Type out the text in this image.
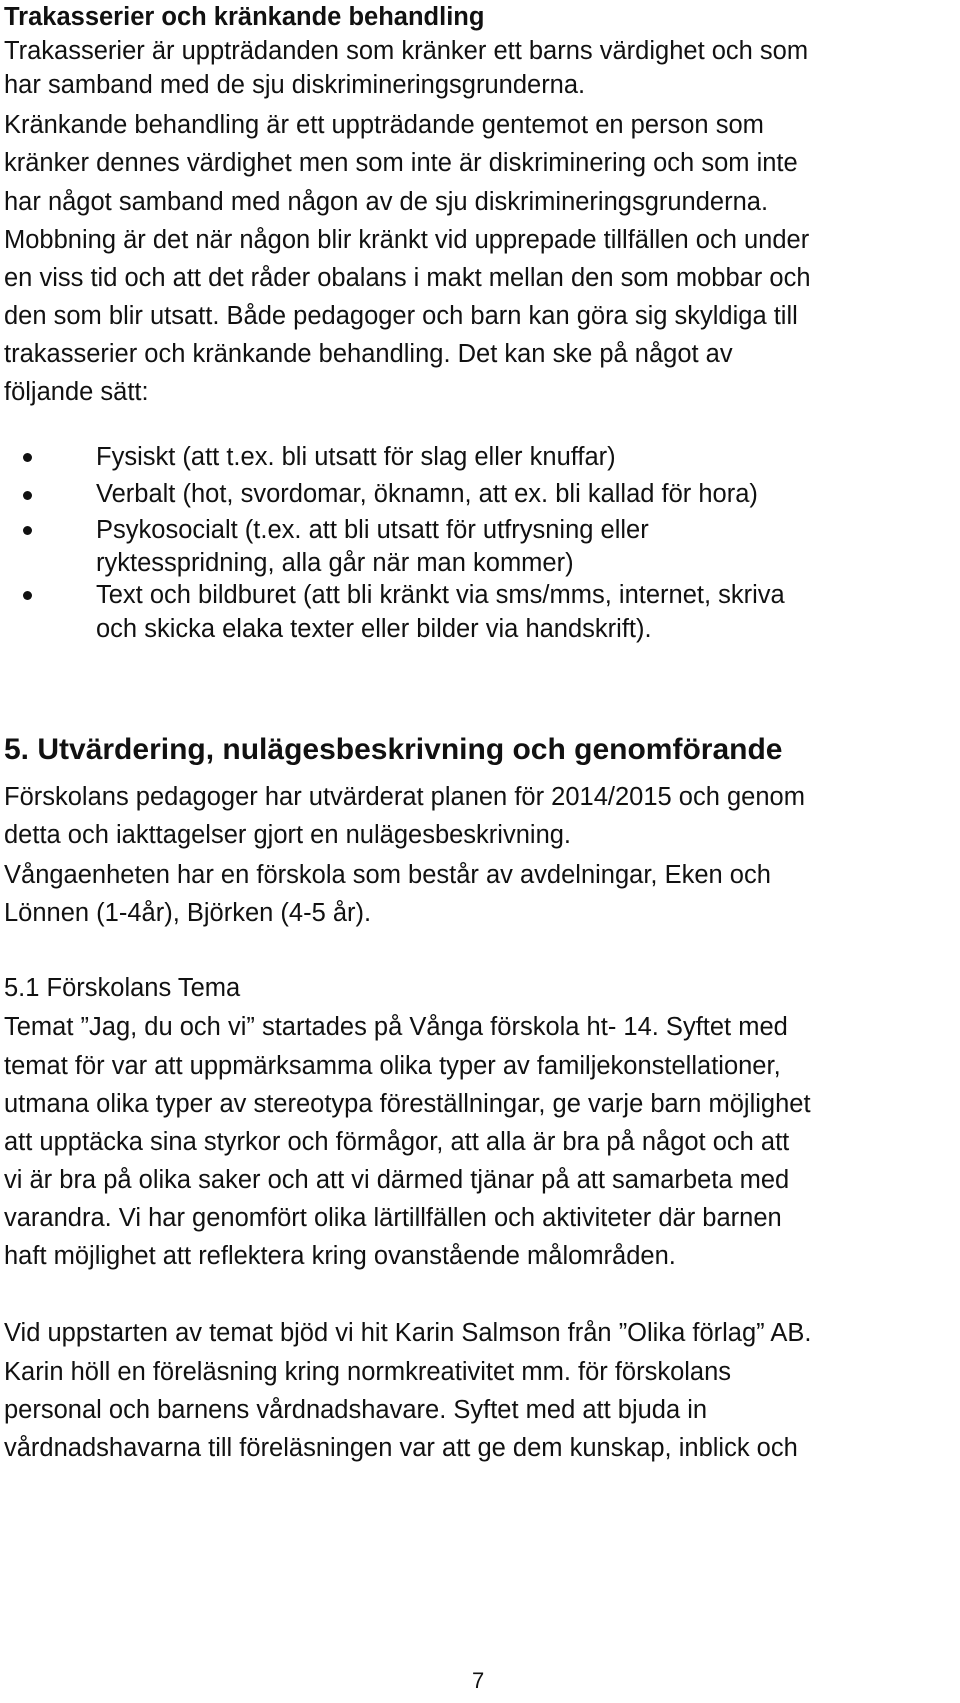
Trakasserier och kränkande behandling
Trakasserier är uppträdanden som kränker ett barns värdighet och som
har samband med de sju diskrimineringsgrunderna.
Kränkande behandling är ett uppträdande gentemot en person som
kränker dennes värdighet men som inte är diskriminering och som inte
har något samband med någon av de sju diskrimineringsgrunderna.
Mobbning är det när någon blir kränkt vid upprepade tillfällen och under
en viss tid och att det råder obalans i makt mellan den som mobbar och
den som blir utsatt. Både pedagoger och barn kan göra sig skyldiga till
trakasserier och kränkande behandling. Det kan ske på något av
följande sätt:
Fysiskt (att t.ex. bli utsatt för slag eller knuffar)
Verbalt (hot, svordomar, öknamn, att ex. bli kallad för hora)
Psykosocialt (t.ex. att bli utsatt för utfrysning eller
ryktesspridning, alla går när man kommer)
Text och bildburet (att bli kränkt via sms/mms, internet, skriva
och skicka elaka texter eller bilder via handskrift).
5. Utvärdering, nulägesbeskrivning och genomförande
Förskolans pedagoger har utvärderat planen för 2014/2015 och genom
detta och iakttagelser gjort en nulägesbeskrivning.
Vångaenheten har en förskola som består av avdelningar, Eken och
Lönnen (1-4år), Björken (4-5 år).
5.1 Förskolans Tema
Temat ”Jag, du och vi” startades på Vånga förskola ht- 14. Syftet med
temat för var att uppmärksamma olika typer av familjekonstellationer,
utmana olika typer av stereotypa föreställningar, ge varje barn möjlighet
att upptäcka sina styrkor och förmågor, att alla är bra på något och att
vi är bra på olika saker och att vi därmed tjänar på att samarbeta med
varandra. Vi har genomfört olika lärtillfällen och aktiviteter där barnen
haft möjlighet att reflektera kring ovanstående målområden.
Vid uppstarten av temat bjöd vi hit Karin Salmson från ”Olika förlag” AB.
Karin höll en föreläsning kring normkreativitet mm. för förskolans
personal och barnens vårdnadshavare. Syftet med att bjuda in
vårdnadshavarna till föreläsningen var att ge dem kunskap, inblick och
7
